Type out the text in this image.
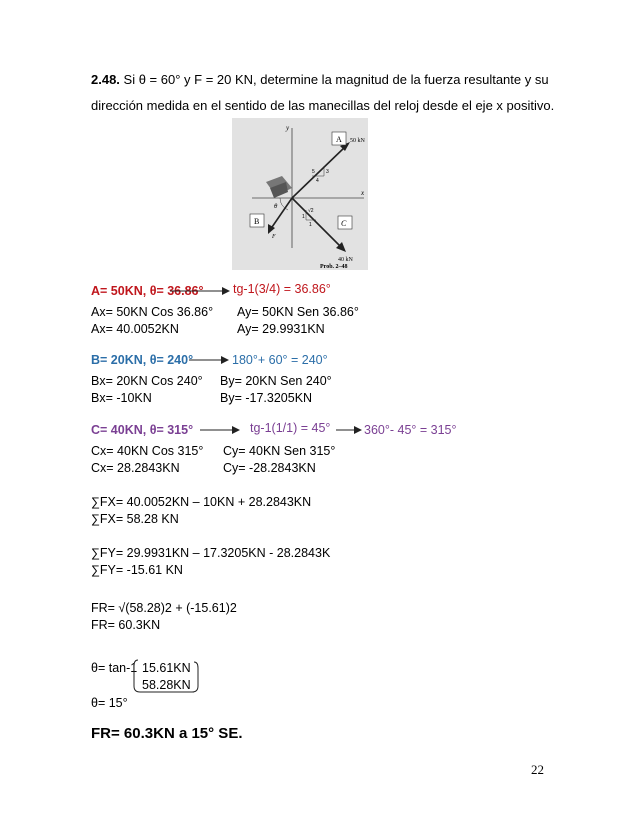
2.48. Si θ = 60° y F = 20 KN, determine la magnitud de la fuerza resultante y su
dirección medida en el sentido de las manecillas del reloj desde el eje x positivo.
y
x
50 kN
A
5 3
4
40 kN
C
√2
1
1
F
B
θ
Prob. 2–48
A= 50KN, θ= 36.86° tg-1(3/4) = 36.86°
Ax= 50KN Cos 36.86° Ay= 50KN Sen 36.86°
Ax= 40.0052KN	Ay= 29.9931KN
B= 20KN, θ= 240°	180°+ 60° = 240°
Bx= 20KN Cos 240° By= 20KN Sen 240°
Bx= -10KN	By= -17.3205KN
C= 40KN, θ= 315°	tg-1(1/1) = 45°	360°- 45° = 315°
Cx= 40KN Cos 315° Cy= 40KN Sen 315°
Cx= 28.2843KN	Cy= -28.2843KN
∑FX= 40.0052KN – 10KN + 28.2843KN
∑FX= 58.28 KN
∑FY= 29.9931KN – 17.3205KN - 28.2843K
∑FY= -15.61 KN
FR= √(58.28)2 + (-15.61)2
FR= 60.3KN
θ= tan-1 15.61KN
58.28KN
θ= 15°
FR= 60.3KN a 15° SE.
22
